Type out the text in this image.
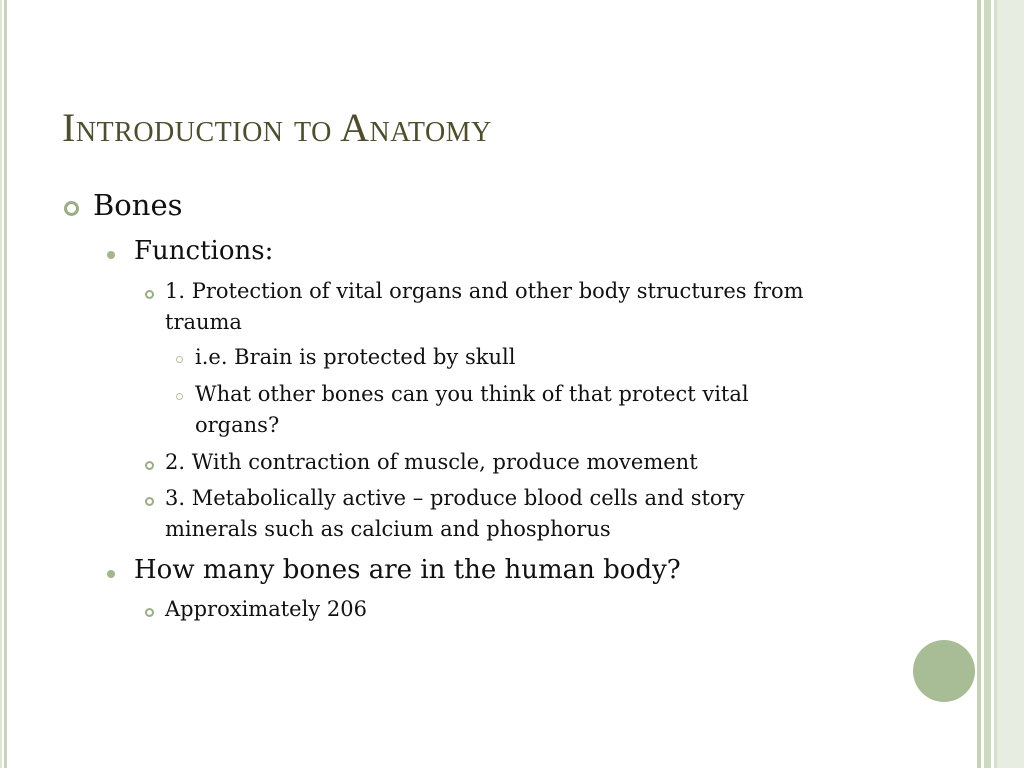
Introduction to Anatomy
Bones
Functions:
1. Protection of vital organs and other body structures from
trauma
i.e. Brain is protected by skull
What other bones can you think of that protect vital
organs?
2. With contraction of muscle, produce movement
3. Metabolically active – produce blood cells and story
minerals such as calcium and phosphorus
How many bones are in the human body?
Approximately 206
